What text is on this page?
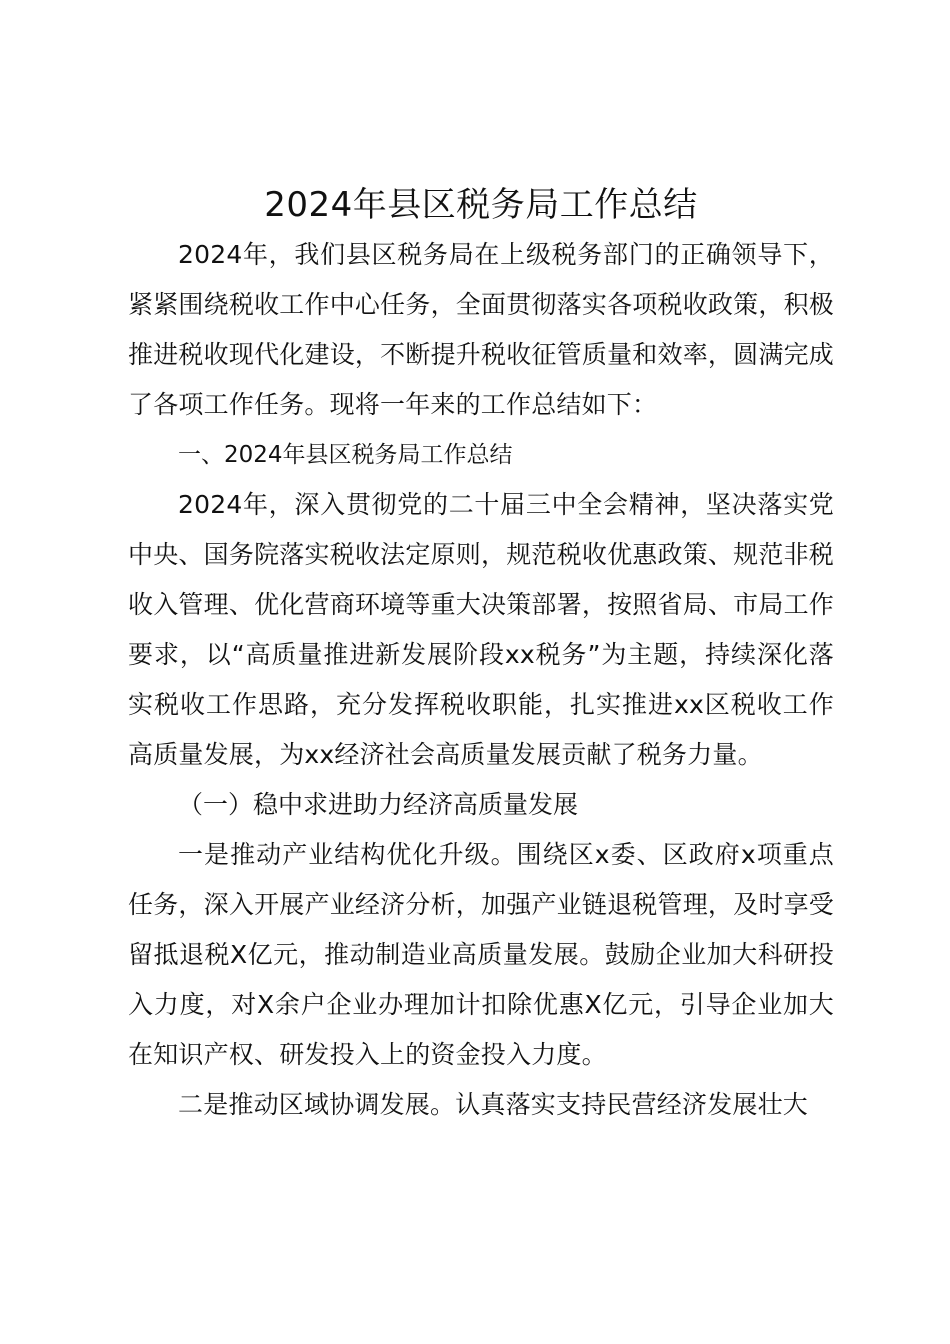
2024年县区税务局工作总结

2024年，我们县区税务局在上级税务部门的正确领导下，紧紧围绕税收工作中心任务，全面贯彻落实各项税收政策，积极推进税收现代化建设，不断提升税收征管质量和效率，圆满完成了各项工作任务。现将一年来的工作总结如下：

一、2024年县区税务局工作总结

2024年，深入贯彻党的二十届三中全会精神，坚决落实党中央、国务院落实税收法定原则，规范税收优惠政策、规范非税收入管理、优化营商环境等重大决策部署，按照省局、市局工作要求，以“高质量推进新发展阶段xx税务”为主题，持续深化落实税收工作思路，充分发挥税收职能，扎实推进xx区税收工作高质量发展，为xx经济社会高质量发展贡献了税务力量。

（一）稳中求进助力经济高质量发展

一是推动产业结构优化升级。围绕区x委、区政府x项重点任务，深入开展产业经济分析，加强产业链退税管理，及时享受留抵退税X亿元，推动制造业高质量发展。鼓励企业加大科研投入力度，对X余户企业办理加计扣除优惠X亿元，引导企业加大在知识产权、研发投入上的资金投入力度。

二是推动区域协调发展。认真落实支持民营经济发展壮大
